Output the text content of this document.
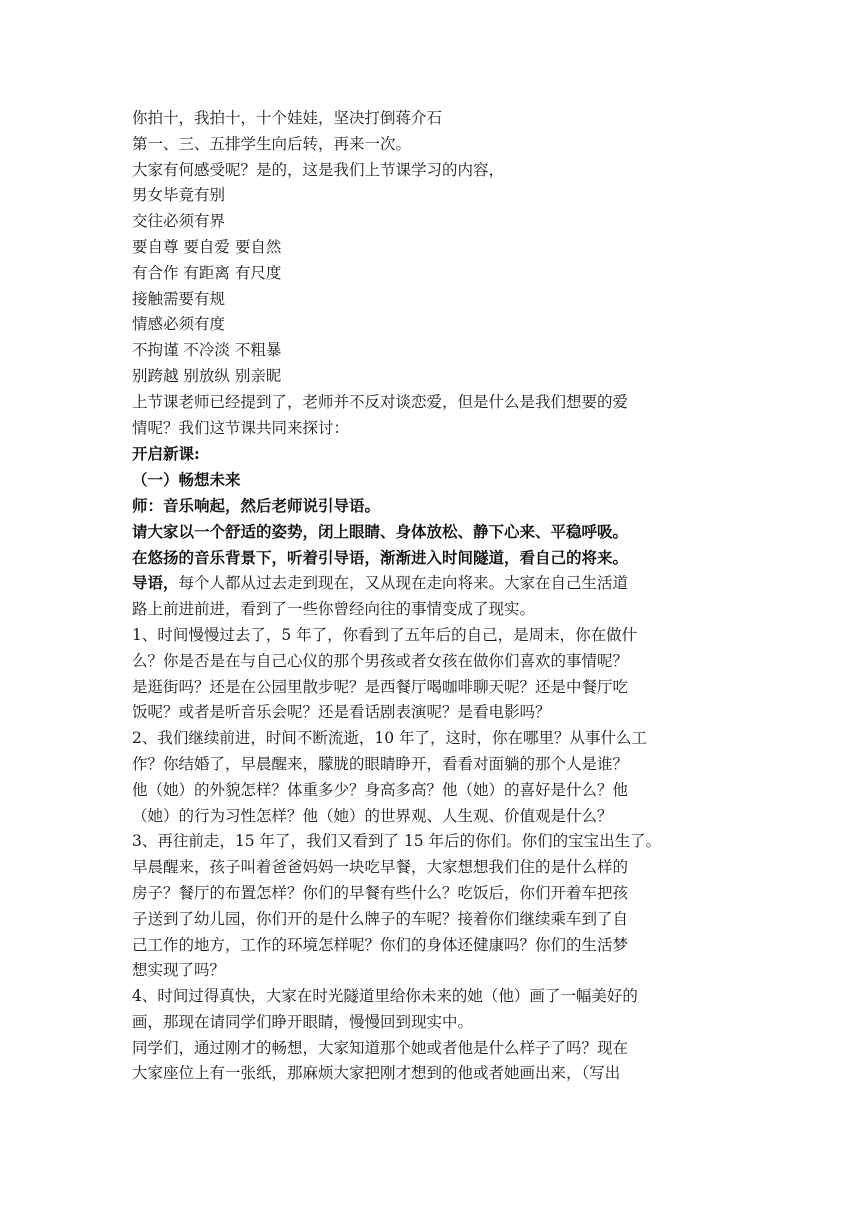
你拍十，我拍十，十个娃娃，坚决打倒蒋介石

第一、三、五排学生向后转，再来一次。

大家有何感受呢？是的，这是我们上节课学习的内容，

男女毕竟有别

交往必须有界

要自尊 要自爱 要自然

有合作 有距离 有尺度

接触需要有规

情感必须有度

不拘谨 不冷淡 不粗暴

别跨越 别放纵 别亲昵

上节课老师已经提到了，老师并不反对谈恋爱，但是什么是我们想要的爱

情呢？我们这节课共同来探讨：

开启新课:

（一）畅想未来

师：音乐响起，然后老师说引导语。

请大家以一个舒适的姿势，闭上眼睛、身体放松、静下心来、平稳呼吸。

在悠扬的音乐背景下，听着引导语，渐渐进入时间隧道，看自己的将来。

导语，每个人都从过去走到现在，又从现在走向将来。大家在自己生活道

路上前进前进，看到了一些你曾经向往的事情变成了现实。

1、时间慢慢过去了，5 年了，你看到了五年后的自己，是周末，你在做什

么？你是否是在与自己心仪的那个男孩或者女孩在做你们喜欢的事情呢？

是逛街吗？还是在公园里散步呢？是西餐厅喝咖啡聊天呢？还是中餐厅吃

饭呢？或者是听音乐会呢？还是看话剧表演呢？是看电影吗？

2、我们继续前进，时间不断流逝，10 年了，这时，你在哪里？从事什么工

作？你结婚了，早晨醒来，朦胧的眼睛睁开，看看对面躺的那个人是谁？

他（她）的外貌怎样？体重多少？身高多高？他（她）的喜好是什么？他

（她）的行为习性怎样？他（她）的世界观、人生观、价值观是什么？

3、再往前走，15 年了，我们又看到了 15 年后的你们。你们的宝宝出生了。

早晨醒来，孩子叫着爸爸妈妈一块吃早餐，大家想想我们住的是什么样的

房子？餐厅的布置怎样？你们的早餐有些什么？吃饭后，你们开着车把孩

子送到了幼儿园，你们开的是什么牌子的车呢？接着你们继续乘车到了自

己工作的地方，工作的环境怎样呢？你们的身体还健康吗？你们的生活梦

想实现了吗？

4、时间过得真快，大家在时光隧道里给你未来的她（他）画了一幅美好的

画，那现在请同学们睁开眼睛，慢慢回到现实中。

同学们，通过刚才的畅想，大家知道那个她或者他是什么样子了吗？现在

大家座位上有一张纸，那麻烦大家把刚才想到的他或者她画出来，（写出
